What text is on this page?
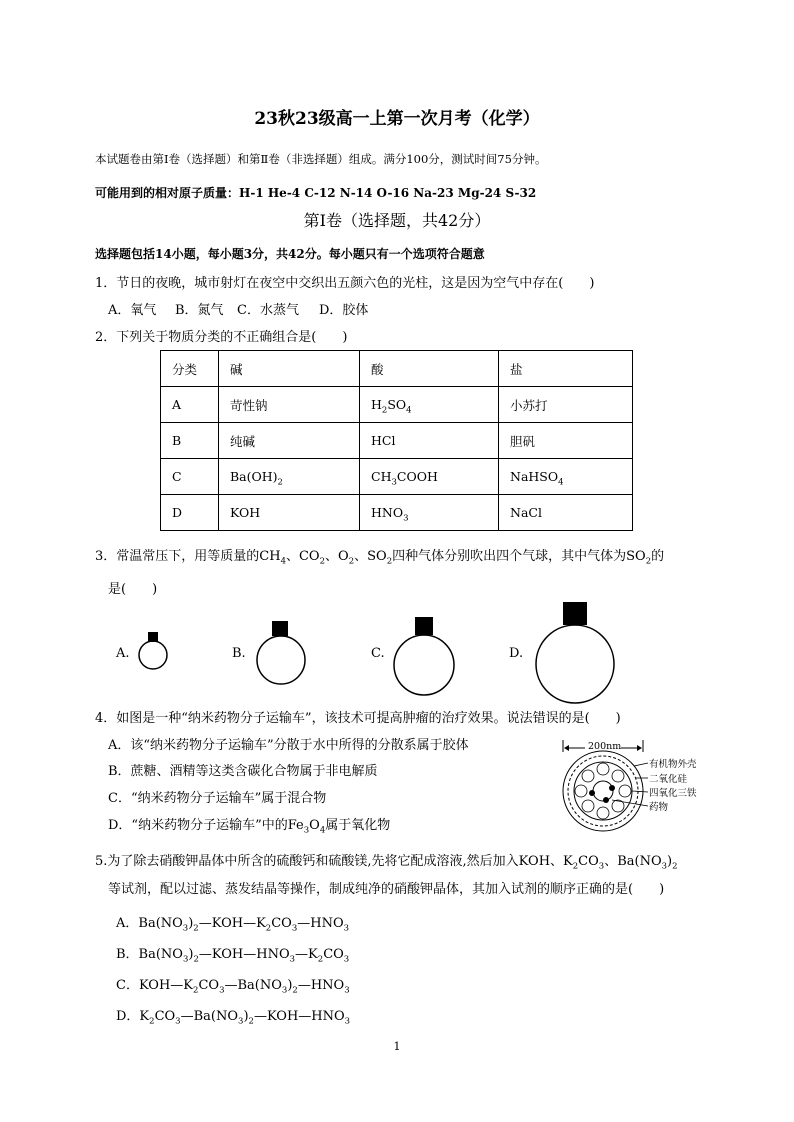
23秋23级高一上第一次月考（化学）
本试题卷由第Ⅰ卷（选择题）和第Ⅱ卷（非选择题）组成。满分100分，测试时间75分钟。
可能用到的相对原子质量：H-1 He-4 C-12 N-14 O-16 Na-23 Mg-24 S-32
第Ⅰ卷（选择题，共42分）
选择题包括14小题，每小题3分，共42分。每小题只有一个选项符合题意
1．节日的夜晚，城市射灯在夜空中交织出五颜六色的光柱，这是因为空气中存在(　　)
A．氧气 B．氮气 C．水蒸气 D．胶体
2．下列关于物质分类的不正确组合是(　　)
分类	碱	酸	盐
A	苛性钠	$H_2SO_4$	小苏打
B	纯碱	HCl	胆矾
C	$Ba(OH)_2$	$CH_3COOH$	NaHSO$_4$
D	KOH	$HNO_3$	NaCl
3．常温常压下，用等质量的$CH_4$、$CO_2$、$O_2$、$SO_2$四种气体分别吹出四个气球，其中气体为$SO_2$的
是(　　)
A.	B.	C.	D.
4．如图是一种“纳米药物分子运输车”，该技术可提高肿瘤的治疗效果。说法错误的是(　　)
A．该“纳米药物分子运输车”分散于水中所得的分散系属于胶体
B．蔗糖、酒精等这类含碳化合物属于非电解质
C．“纳米药物分子运输车”属于混合物
D．“纳米药物分子运输车”中的$Fe_3O_4$属于氧化物
200nm
有机物外壳
二氧化硅
四氧化三铁
药物
5.为了除去硝酸钾晶体中所含的硫酸钙和硫酸镁,先将它配成溶液,然后加入KOH、$K_2CO_3$、$Ba(NO_3)_2$
等试剂，配以过滤、蒸发结晶等操作，制成纯净的硝酸钾晶体，其加入试剂的顺序正确的是(　　)
A．$Ba(NO_3)_2—KOH—K_2CO_3—HNO_3$
B．$Ba(NO_3)_2—KOH—HNO_3—K_2CO_3$
C．$KOH—K_2CO_3—Ba(NO_3)_2—HNO_3$
D．$K_2CO_3—Ba(NO_3)_2—KOH—HNO_3$
1
